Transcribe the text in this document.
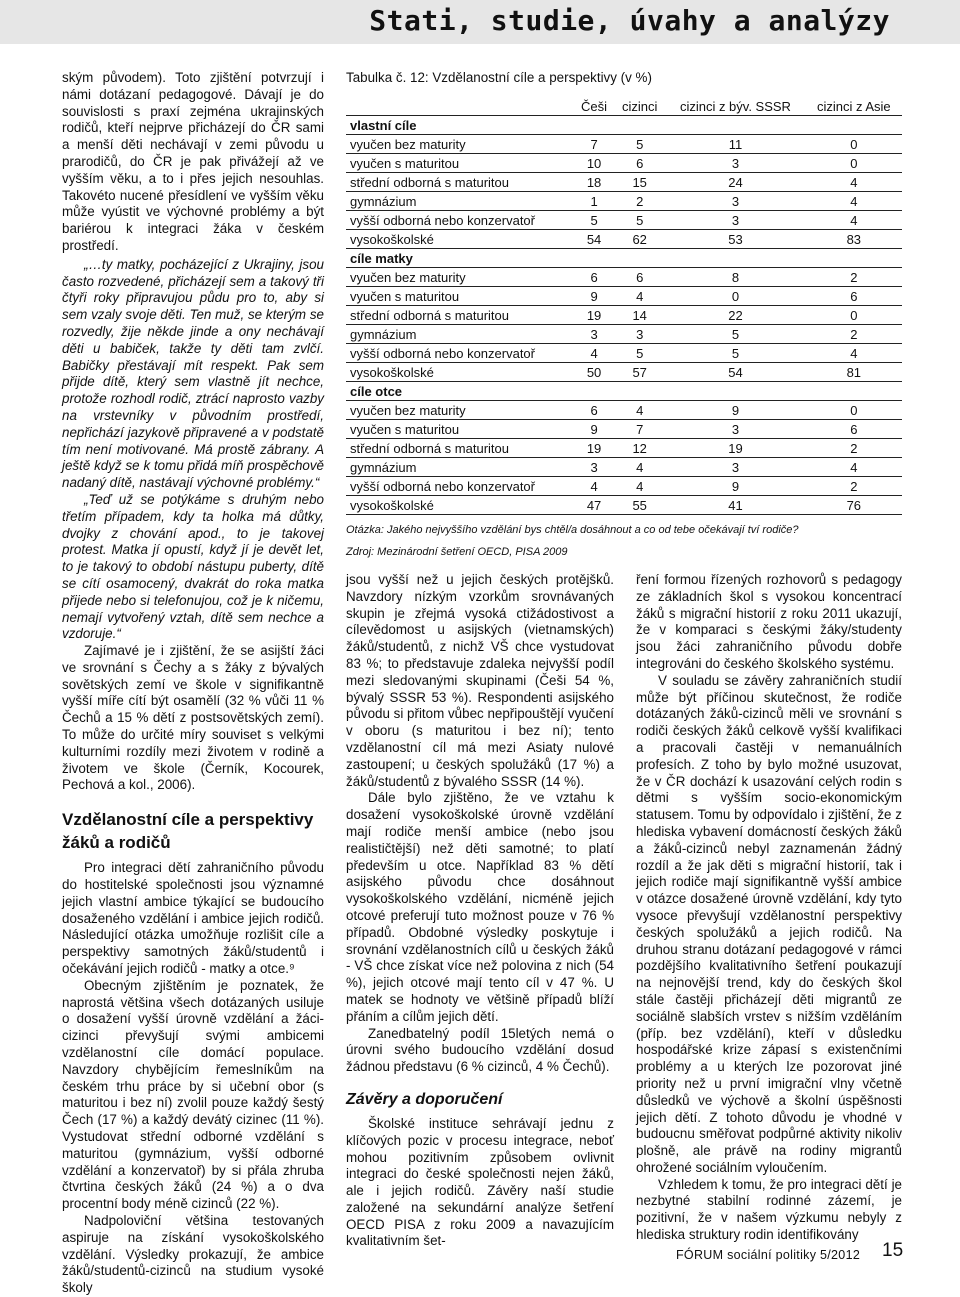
Stati, studie, úvahy a analýzy

ským původem). Toto zjištění potvrzují i námi dotázaní pedagogové. Dávají je do souvislosti s praxí zejména ukrajinských rodičů, kteří nejprve přicházejí do ČR sami a menší děti nechávají v zemi původu u prarodičů, do ČR je pak přivážejí až ve vyšším věku, a to i přes jejich nesouhlas. Takovéto nucené přesídlení ve vyšším věku může vyústit ve výchovné problémy a být bariérou k integraci žáka v českém prostředí.

„…ty matky, pocházející z Ukrajiny, jsou často rozvedené, přicházejí sem a takový tři čtyři roky připravujou půdu pro to, aby si sem vzaly svoje děti. Ten muž, se kterým se rozvedly, žije někde jinde a ony nechávají děti u babiček, takže ty děti tam zvlčí. Babičky přestávají mít respekt. Pak sem přijde dítě, který sem vlastně jít nechce, protože rozhodl rodič, ztrácí naprosto vazby na vrstevníky v původním prostředí, nepřichází jazykově připravené a v podstatě tím není motivované. Má prostě zábrany. A ještě když se k tomu přidá míň prospěchově nadaný dítě, nastávají výchovné problémy.“

„Teď už se potýkáme s druhým nebo třetím případem, kdy ta holka má důtky, dvojky z chování apod., to je takovej protest. Matka jí opustí, když jí je devět let, to je takový to období nástupu puberty, dítě se cítí osamocený, dvakrát do roka matka přijede nebo si telefonujou, což je k ničemu, nemají vytvořený vztah, dítě sem nechce a vzdoruje.“

Zajímavé je i zjištění, že se asijští žáci ve srovnání s Čechy a s žáky z bývalých sovětských zemí ve škole v signifikantně vyšší míře cítí být osamělí (32 % vůči 11 % Čechů a 15 % dětí z postsovětských zemí). To může do určité míry souviset s velkými kulturními rozdíly mezi životem v rodině a životem ve škole (Černík, Kocourek, Pechová a kol., 2006).

Vzdělanostní cíle a perspektivy žáků a rodičů

Pro integraci dětí zahraničního původu do hostitelské společnosti jsou významné jejich vlastní ambice týkající se budoucího dosaženého vzdělání i ambice jejich rodičů. Následující otázka umožňuje rozlišit cíle a perspektivy samotných žáků/studentů i očekávání jejich rodičů - matky a otce.⁹

Obecným zjištěním je poznatek, že naprostá většina všech dotázaných usiluje o dosažení vyšší úrovně vzdělání a žáci-cizinci převyšují svými ambicemi vzdělanostní cíle domácí populace. Navzdory chybějícím řemeslníkům na českém trhu práce by si učební obor (s maturitou i bez ní) zvolil pouze každý šestý Čech (17 %) a každý devátý cizinec (11 %). Vystudovat střední odborné vzdělání s maturitou (gymnázium, vyšší odborné vzdělání a konzervatoř) by si přála zhruba čtvrtina českých žáků (24 %) a o dva procentní body méně cizinců (22 %).

Nadpoloviční většina testovaných aspiruje na získání vysokoškolského vzdělání. Výsledky prokazují, že ambice žáků/studentů-cizinců na studium vysoké školy

Tabulka č. 12: Vzdělanostní cíle a perspektivy (v %)
	Češi	cizinci	cizinci z býv. SSSR	cizinci z Asie
vlastní cíle				
vyučen bez maturity	7	5	11	0
vyučen s maturitou	10	6	3	0
střední odborná s maturitou	18	15	24	4
gymnázium	1	2	3	4
vyšší odborná nebo konzervatoř	5	5	3	4
vysokoškolské	54	62	53	83
cíle matky				
vyučen bez maturity	6	6	8	2
vyučen s maturitou	9	4	0	6
střední odborná s maturitou	19	14	22	0
gymnázium	3	3	5	2
vyšší odborná nebo konzervatoř	4	5	5	4
vysokoškolské	50	57	54	81
cíle otce				
vyučen bez maturity	6	4	9	0
vyučen s maturitou	9	7	3	6
střední odborná s maturitou	19	12	19	2
gymnázium	3	4	3	4
vyšší odborná nebo konzervatoř	4	4	9	2
vysokoškolské	47	55	41	76
Otázka: Jakého nejvyššího vzdělání bys chtěl/a dosáhnout a co od tebe očekávají tví rodiče?
Zdroj: Mezinárodní šetření OECD, PISA 2009

jsou vyšší než u jejich českých protějšků. Navzdory nízkým vzorkům srovnávaných skupin je zřejmá vysoká ctižádostivost a cílevědomost u asijských (vietnamských) žáků/studentů, z nichž VŠ chce vystudovat 83 %; to představuje zdaleka nejvyšší podíl mezi sledovanými skupinami (Češi 54 %, bývalý SSSR 53 %). Respondenti asijského původu si přitom vůbec nepřipouštějí vyučení v oboru (s maturitou i bez ní); tento vzdělanostní cíl má mezi Asiaty nulové zastoupení; u českých spolužáků (17 %) a žáků/studentů z bývalého SSSR (14 %).

Dále bylo zjištěno, že ve vztahu k dosažení vysokoškolské úrovně vzdělání mají rodiče menší ambice (nebo jsou realističtější) než děti samotné; to platí především u otce. Například 83 % dětí asijského původu chce dosáhnout vysokoškolského vzdělání, nicméně jejich otcové preferují tuto možnost pouze v 76 % případů. Obdobné výsledky poskytuje i srovnání vzdělanostních cílů u českých žáků - VŠ chce získat více než polovina z nich (54 %), jejich otcové mají tento cíl v 47 %. U matek se hodnoty ve většině případů blíží přáním a cílům jejich dětí.

Zanedbatelný podíl 15letých nemá o úrovni svého budoucího vzdělání dosud žádnou představu (6 % cizinců, 4 % Čechů).

Závěry a doporučení

Školské instituce sehrávají jednu z klíčových pozic v procesu integrace, neboť mohou pozitivním způsobem ovlivnit integraci do české společnosti nejen žáků, ale i jejich rodičů. Závěry naší studie založené na sekundární analýze šetření OECD PISA z roku 2009 a navazujícím kvalitativním šet-

ření formou řízených rozhovorů s pedagogy ze základních škol s vysokou koncentrací žáků s migrační historií z roku 2011 ukazují, že v komparaci s českými žáky/studenty jsou žáci zahraničního původu dobře integrováni do českého školského systému.

V souladu se závěry zahraničních studií může být příčinou skutečnost, že rodiče dotázaných žáků-cizinců měli ve srovnání s rodiči českých žáků celkově vyšší kvalifikaci a pracovali častěji v nemanuálních profesích. Z toho by bylo možné usuzovat, že v ČR dochází k usazování celých rodin s dětmi s vyšším socio-ekonomickým statusem. Tomu by odpovídalo i zjištění, že z hlediska vybavení domácností českých žáků a žáků-cizinců nebyl zaznamenán žádný rozdíl a že jak děti s migrační historií, tak i jejich rodiče mají signifikantně vyšší ambice v otázce dosažené úrovně vzdělání, kdy tyto vysoce převyšují vzdělanostní perspektivy českých spolužáků a jejich rodičů. Na druhou stranu dotázaní pedagogové v rámci pozdějšího kvalitativního šetření poukazují na nejnovější trend, kdy do českých škol stále častěji přicházejí děti migrantů ze sociálně slabších vrstev s nižším vzděláním (příp. bez vzdělání), kteří v důsledku hospodářské krize zápasí s existenčními problémy a u kterých lze pozorovat jiné priority než u první imigrační vlny včetně důsledků ve výchově a školní úspěšnosti jejich dětí. Z tohoto důvodu je vhodné v budoucnu směřovat podpůrné aktivity nikoliv plošně, ale právě na rodiny migrantů ohrožené sociálním vyloučením.

Vzhledem k tomu, že pro integraci dětí je nezbytné stabilní rodinné zázemí, je pozitivní, že v našem výzkumu nebyly z hlediska struktury rodin identifikovány

FÓRUM sociální politiky 5/2012 15
